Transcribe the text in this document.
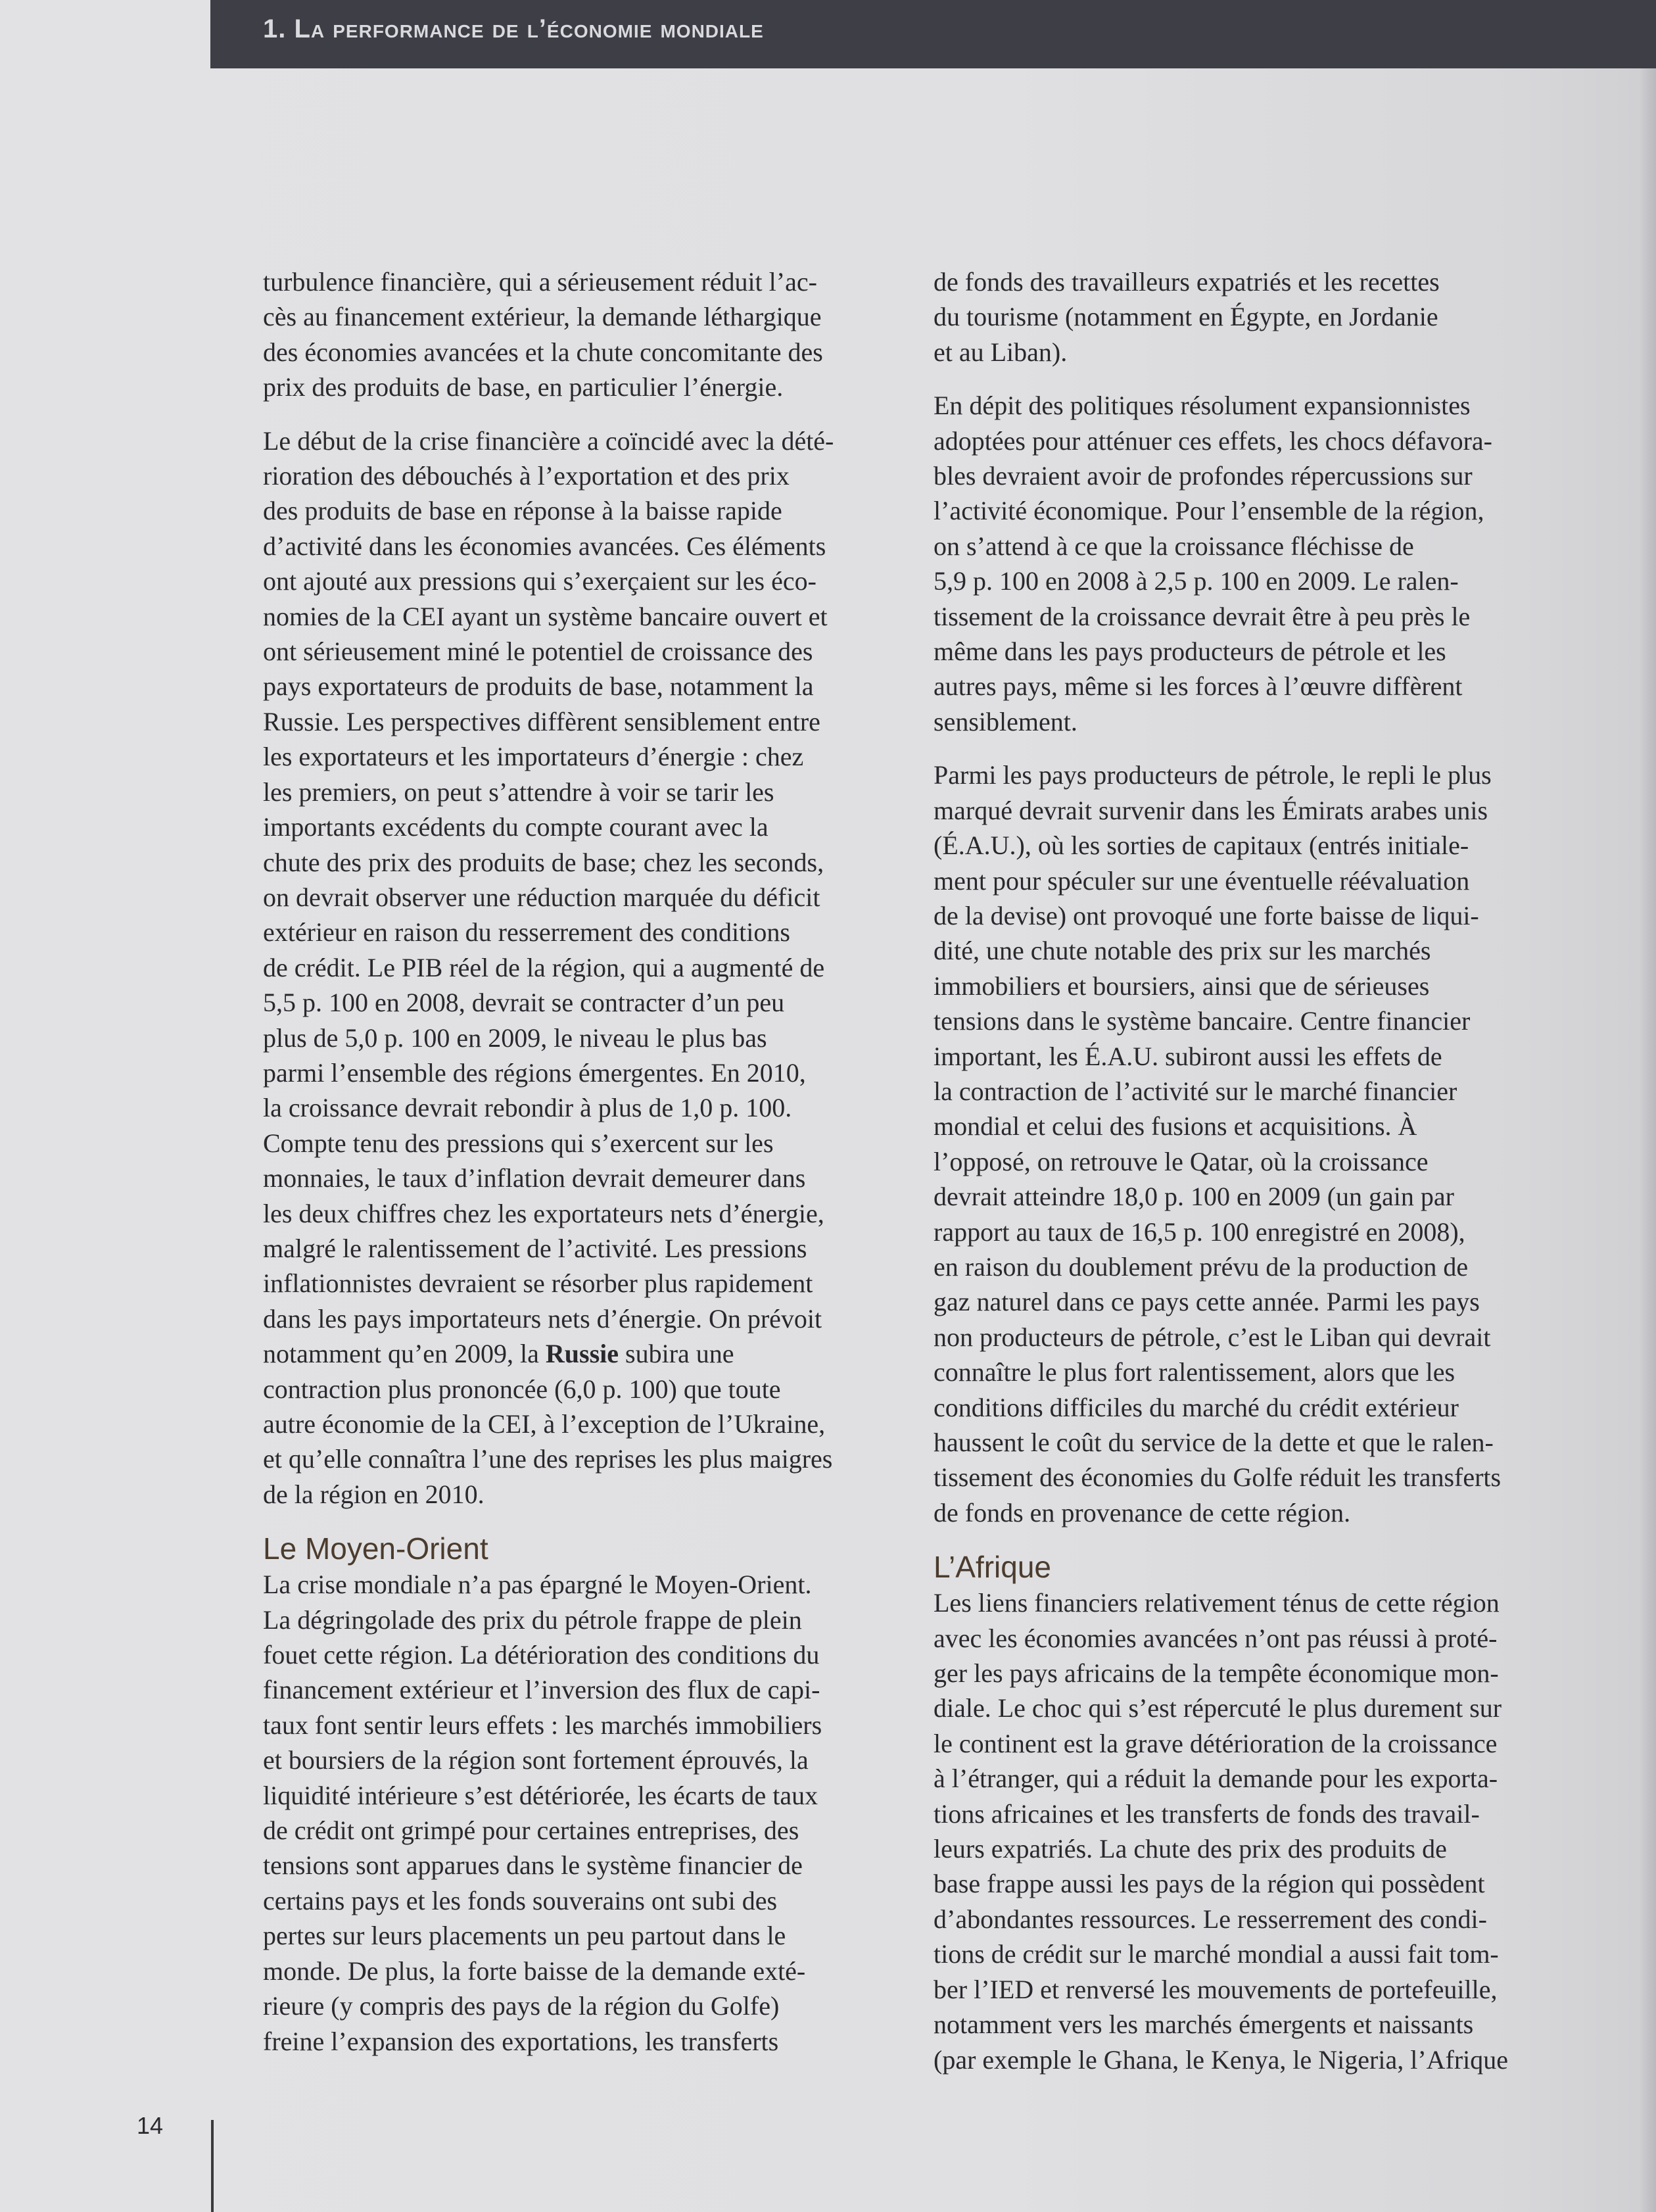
1. La performance de l’économie mondiale
turbulence financière, qui a sérieusement réduit l’ac-
cès au financement extérieur, la demande léthargique
des économies avancées et la chute concomitante des
prix des produits de base, en particulier l’énergie.
Le début de la crise financière a coïncidé avec la dété-
rioration des débouchés à l’exportation et des prix
des produits de base en réponse à la baisse rapide
d’activité dans les économies avancées. Ces éléments
ont ajouté aux pressions qui s’exerçaient sur les éco-
nomies de la CEI ayant un système bancaire ouvert et
ont sérieusement miné le potentiel de croissance des
pays exportateurs de produits de base, notamment la
Russie. Les perspectives diffèrent sensiblement entre
les exportateurs et les importateurs d’énergie : chez
les premiers, on peut s’attendre à voir se tarir les
importants excédents du compte courant avec la
chute des prix des produits de base; chez les seconds,
on devrait observer une réduction marquée du déficit
extérieur en raison du resserrement des conditions
de crédit. Le PIB réel de la région, qui a augmenté de
5,5 p. 100 en 2008, devrait se contracter d’un peu
plus de 5,0 p. 100 en 2009, le niveau le plus bas
parmi l’ensemble des régions émergentes. En 2010,
la croissance devrait rebondir à plus de 1,0 p. 100.
Compte tenu des pressions qui s’exercent sur les
monnaies, le taux d’inflation devrait demeurer dans
les deux chiffres chez les exportateurs nets d’énergie,
malgré le ralentissement de l’activité. Les pressions
inflationnistes devraient se résorber plus rapidement
dans les pays importateurs nets d’énergie. On prévoit
notamment qu’en 2009, la Russie subira une
contraction plus prononcée (6,0 p. 100) que toute
autre économie de la CEI, à l’exception de l’Ukraine,
et qu’elle connaîtra l’une des reprises les plus maigres
de la région en 2010.
Le Moyen-Orient
La crise mondiale n’a pas épargné le Moyen-Orient.
La dégringolade des prix du pétrole frappe de plein
fouet cette région. La détérioration des conditions du
financement extérieur et l’inversion des flux de capi-
taux font sentir leurs effets : les marchés immobiliers
et boursiers de la région sont fortement éprouvés, la
liquidité intérieure s’est détériorée, les écarts de taux
de crédit ont grimpé pour certaines entreprises, des
tensions sont apparues dans le système financier de
certains pays et les fonds souverains ont subi des
pertes sur leurs placements un peu partout dans le
monde. De plus, la forte baisse de la demande exté-
rieure (y compris des pays de la région du Golfe)
freine l’expansion des exportations, les transferts
de fonds des travailleurs expatriés et les recettes
du tourisme (notamment en Égypte, en Jordanie
et au Liban).
En dépit des politiques résolument expansionnistes
adoptées pour atténuer ces effets, les chocs défavora-
bles devraient avoir de profondes répercussions sur
l’activité économique. Pour l’ensemble de la région,
on s’attend à ce que la croissance fléchisse de
5,9 p. 100 en 2008 à 2,5 p. 100 en 2009. Le ralen-
tissement de la croissance devrait être à peu près le
même dans les pays producteurs de pétrole et les
autres pays, même si les forces à l’œuvre diffèrent
sensiblement.
Parmi les pays producteurs de pétrole, le repli le plus
marqué devrait survenir dans les Émirats arabes unis
(É.A.U.), où les sorties de capitaux (entrés initiale-
ment pour spéculer sur une éventuelle réévaluation
de la devise) ont provoqué une forte baisse de liqui-
dité, une chute notable des prix sur les marchés
immobiliers et boursiers, ainsi que de sérieuses
tensions dans le système bancaire. Centre financier
important, les É.A.U. subiront aussi les effets de
la contraction de l’activité sur le marché financier
mondial et celui des fusions et acquisitions. À
l’opposé, on retrouve le Qatar, où la croissance
devrait atteindre 18,0 p. 100 en 2009 (un gain par
rapport au taux de 16,5 p. 100 enregistré en 2008),
en raison du doublement prévu de la production de
gaz naturel dans ce pays cette année. Parmi les pays
non producteurs de pétrole, c’est le Liban qui devrait
connaître le plus fort ralentissement, alors que les
conditions difficiles du marché du crédit extérieur
haussent le coût du service de la dette et que le ralen-
tissement des économies du Golfe réduit les transferts
de fonds en provenance de cette région.
L’Afrique
Les liens financiers relativement ténus de cette région
avec les économies avancées n’ont pas réussi à proté-
ger les pays africains de la tempête économique mon-
diale. Le choc qui s’est répercuté le plus durement sur
le continent est la grave détérioration de la croissance
à l’étranger, qui a réduit la demande pour les exporta-
tions africaines et les transferts de fonds des travail-
leurs expatriés. La chute des prix des produits de
base frappe aussi les pays de la région qui possèdent
d’abondantes ressources. Le resserrement des condi-
tions de crédit sur le marché mondial a aussi fait tom-
ber l’IED et renversé les mouvements de portefeuille,
notamment vers les marchés émergents et naissants
(par exemple le Ghana, le Kenya, le Nigeria, l’Afrique
14
